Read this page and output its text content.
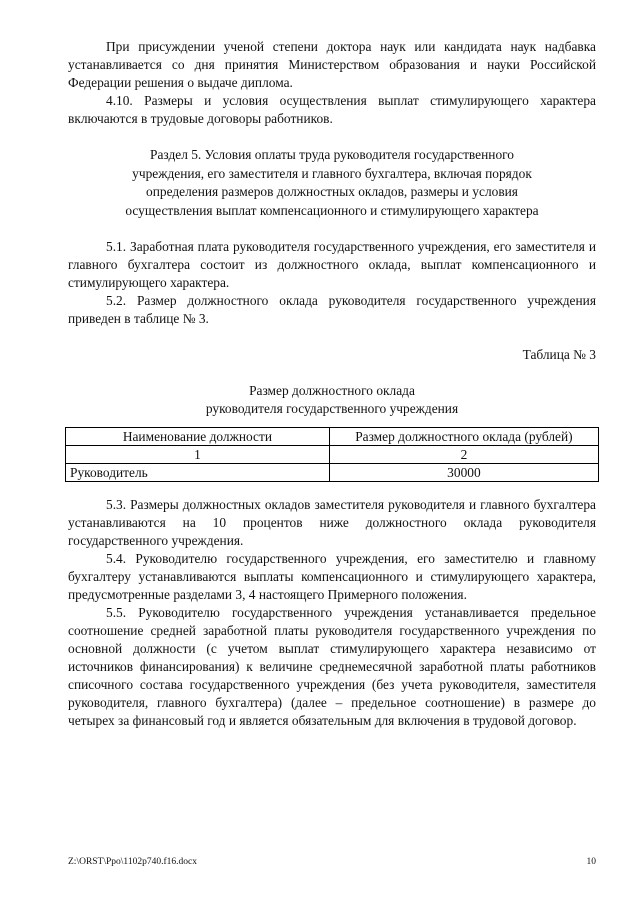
При присуждении ученой степени доктора наук или кандидата наук надбавка устанавливается со дня принятия Министерством образования и науки Российской Федерации решения о выдаче диплома.

4.10. Размеры и условия осуществления выплат стимулирующего характера включаются в трудовые договоры работников.

Раздел 5. Условия оплаты труда руководителя государственного
учреждения, его заместителя и главного бухгалтера, включая порядок
определения размеров должностных окладов, размеры и условия
осуществления выплат компенсационного и стимулирующего характера

5.1. Заработная плата руководителя государственного учреждения, его заместителя и главного бухгалтера состоит из должностного оклада, выплат компенсационного и стимулирующего характера.

5.2. Размер должностного оклада руководителя государственного учреждения приведен в таблице № 3.

Таблица № 3

Размер должностного оклада

руководителя государственного учреждения

Наименование должности	Размер должностного оклада (рублей)
1	2
Руководитель	30000

5.3. Размеры должностных окладов заместителя руководителя и главного бухгалтера устанавливаются на 10 процентов ниже должностного оклада руководителя государственного учреждения.

5.4. Руководителю государственного учреждения, его заместителю и главному бухгалтеру устанавливаются выплаты компенсационного и стимулирующего характера, предусмотренные разделами 3, 4 настоящего Примерного положения.

5.5. Руководителю государственного учреждения устанавливается предельное соотношение средней заработной платы руководителя государственного учреждения по основной должности (с учетом выплат стимулирующего характера независимо от источников финансирования) к величине среднемесячной заработной платы работников списочного состава государственного учреждения (без учета руководителя, заместителя руководителя, главного бухгалтера) (далее – предельное соотношение) в размере до четырех за финансовый год и является обязательным для включения в трудовой договор.

Z:\ORST\Ppo\1102p740.f16.docx	10
